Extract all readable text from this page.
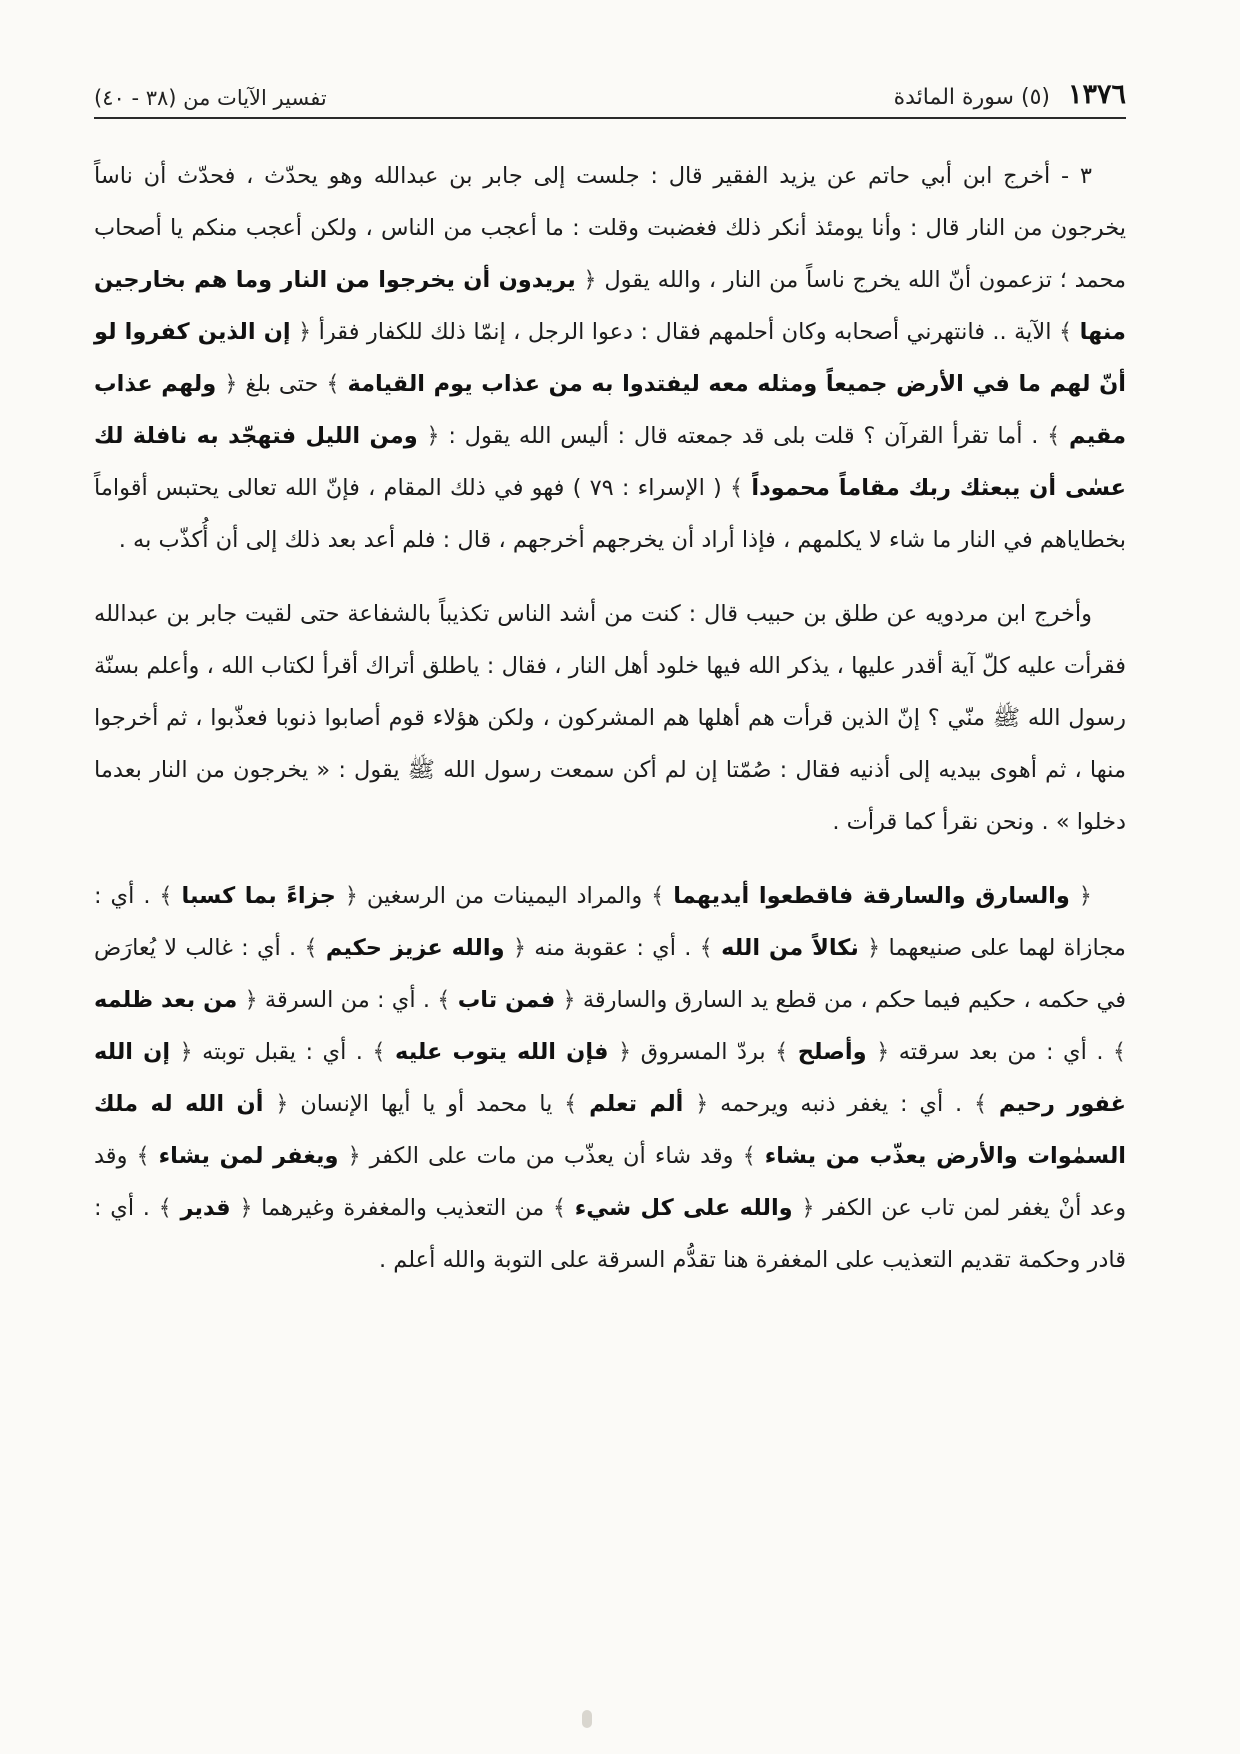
١٣٧٦
(٥) سورة المائدة
تفسير الآيات من (٣٨ - ٤٠)

٣ - أخرج ابن أبي حاتم عن يزيد الفقير قال : جلست إلى جابر بن عبدالله وهو يحدّث ، فحدّث أن ناساً يخرجون من النار قال : وأنا يومئذ أنكر ذلك فغضبت وقلت : ما أعجب من الناس ، ولكن أعجب منكم يا أصحاب محمد ؛ تزعمون أنّ الله يخرج ناساً من النار ، والله يقول ﴿ يريدون أن يخرجوا من النار وما هم بخارجين منها ﴾ الآية .. فانتهرني أصحابه وكان أحلمهم فقال : دعوا الرجل ، إنمّا ذلك للكفار فقرأ ﴿ إن الذين كفروا لو أنّ لهم ما في الأرض جميعاً ومثله معه ليفتدوا به من عذاب يوم القيامة ﴾ حتى بلغ ﴿ ولهم عذاب مقيم ﴾ . أما تقرأ القرآن ؟ قلت بلى قد جمعته قال : أليس الله يقول : ﴿ ومن الليل فتهجّد به نافلة لك عسٰى أن يبعثك ربك مقاماً محموداً ﴾ ( الإسراء : ٧٩ ) فهو في ذلك المقام ، فإنّ الله تعالى يحتبس أقواماً بخطاياهم في النار ما شاء لا يكلمهم ، فإذا أراد أن يخرجهم أخرجهم ، قال : فلم أعد بعد ذلك إلى أن أُكذّب به .

وأخرج ابن مردويه عن طلق بن حبيب قال : كنت من أشد الناس تكذيباً بالشفاعة حتى لقيت جابر بن عبدالله فقرأت عليه كلّ آية أقدر عليها ، يذكر الله فيها خلود أهل النار ، فقال : ياطلق أتراك أقرأ لكتاب الله ، وأعلم بسنّة رسول الله ﷺ منّي ؟ إنّ الذين قرأت هم أهلها هم المشركون ، ولكن هؤلاء قوم أصابوا ذنوبا فعذّبوا ، ثم أخرجوا منها ، ثم أهوى بيديه إلى أذنيه فقال : صُمّتا إن لم أكن سمعت رسول الله ﷺ يقول : « يخرجون من النار بعدما دخلوا » . ونحن نقرأ كما قرأت .

﴿ والسارق والسارقة فاقطعوا أيديهما ﴾ والمراد اليمينات من الرسغين ﴿ جزاءً بما كسبا ﴾ . أي : مجازاة لهما على صنيعهما ﴿ نكالاً من الله ﴾ . أي : عقوبة منه ﴿ والله عزيز حكيم ﴾ . أي : غالب لا يُعارَض في حكمه ، حكيم فيما حكم ، من قطع يد السارق والسارقة ﴿ فمن تاب ﴾ . أي : من السرقة ﴿ من بعد ظلمه ﴾ . أي : من بعد سرقته ﴿ وأصلح ﴾ بردّ المسروق ﴿ فإن الله يتوب عليه ﴾ . أي : يقبل توبته ﴿ إن الله غفور رحيم ﴾ . أي : يغفر ذنبه ويرحمه ﴿ ألم تعلم ﴾ يا محمد أو يا أيها الإنسان ﴿ أن الله له ملك السمٰوات والأرض يعذّب من يشاء ﴾ وقد شاء أن يعذّب من مات على الكفر ﴿ ويغفر لمن يشاء ﴾ وقد وعد أنْ يغفر لمن تاب عن الكفر ﴿ والله على كل شيء ﴾ من التعذيب والمغفرة وغيرهما ﴿ قدير ﴾ . أي : قادر وحكمة تقديم التعذيب على المغفرة هنا تقدُّم السرقة على التوبة والله أعلم .
